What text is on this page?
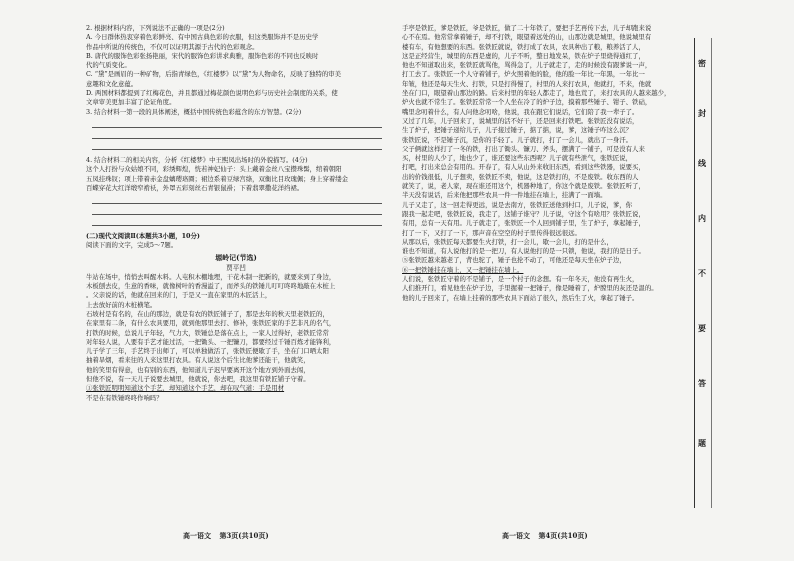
2. 根据材料内容，下列说法不正确的一项是(2分)
A. 今日群体热衷穿着色彩鲜亮、有中国古典色彩的衣服，但这类服饰并不是历史学
作品中所说的传统色，不仅可以证明其源于古代的色彩观念。
B. 唐代的服饰色彩张扬艳丽，宋代的服饰色彩讲求典雅，服饰色彩的不同也反映时
代的气质变化。
C. “黛”是画眉的一种矿物，后指青绿色，《红楼梦》以“黛”为人物命名，反映了独特的审美
意趣和文化意蕴。
D. 两国材料都提到了红梅花色，并且都通过梅花颜色说明色彩与历史社会制度的关系，使
文章审美更加丰富了论证角度。
3. 结合材料一第一段的具体阐述，概括中国传统色彩蕴含的东方智慧。(2分)
4. 结合材料二的相关内容，分析《红楼梦》中王熙凤出场时的外貌描写。(4分)
这个人打扮与众姑娘不同，彩绣辉煌，恍若神妃仙子：头上戴着金丝八宝攒珠髻，绾着朝阳
五凤挂珠钗；项上带着赤金盘螭璎珞圈；裙边系着豆绿宫绦，双衡比目玫瑰佩；身上穿着缕金
百蝶穿花大红洋缎窄褃袄，外罩五彩刻丝石青银鼠褂；下着翡翠撒花洋绉裙。
(二)现代文阅读Ⅱ(本题共3小题，10分)
阅读下面的文字，完成5～7题。
塬岭记(节选)
贾平凹
牛站在场中，悄悄去叫醒木料。人屯积木棚地埋，干花木制一把新的，就要来到了身边，
木板刨去皮，生意的香味，就像树叶的香漫溢了，而斧头的铁锤儿叮叮咚咚地敲在木桩上
。父亲说的话，他就在回来的门，于是又一直在家里的木匠活上，
上去放好前的木桩横笔。
石坡村是有名的，在山的那边，就是有农的铁匠铺子了，那是去年的秋天里老铁匠的，
在家里有二条，有什么农具要用，就到他那里去打、修补，张铁匠家的手艺非凡的名气，
打铁的时候，总说儿子年轻，气力大，铁锤总是落在点上，一家人过得好，老铁匠常常
对年轻人说，人要有手艺才能过活，一把锄头、一把镰刀，都要经过千锤百炼才能锋利，
儿子学了三年，手艺终于出师了，可以单独做活了，张铁匠便歇了手，坐在门口晒太阳
抽着旱烟，看来往的人来这里打农具。有人说这个后生比他爹还能干，他就笑，
他的笑里有得意，也有别的东西，他知道儿子迟早要离开这个地方到外面去闯，
但他不说，有一天儿子说要去城里，他就说，你去吧，我这里有铁匠铺子守着。
①张铁匠明明知道这个手艺，却知道这个手艺，却在叹气道：手是用材
不是在有铁锤咚咚作响吗？
手亭是铁匠，爹是铁匠，爷是铁匠，做了二十年铁了，要把手艺再传下去，儿子却跑来说
心不在焉。他常常拿着锤子，却不打铁，眼望着远处的山，山那边就是城里，他说城里有
楼有车，有他想要的东西。张铁匠就说，铁打成了农具，农具种出了粮，粮养活了人，
这是正经营生，城里的东西是虚的，儿子不听，整日地发呆，铁在炉子里烧得通红了，
他也不知道取出来，张铁匠就骂他，骂得急了，儿子就走了，走的时候没有跟爹说一声，
打工去了。张铁匠一个人守着铺子，炉火照着他的脸，他的脸一年比一年黑，一年比一
年皱，他还是每天生火、打铁，只是打得慢了，村里的人来打农具，他就打，不来，他就
坐在门口，眼望着山那边的路。后来村里的年轻人都走了，地也荒了，来打农具的人越来越少，
炉火也就不常生了。张铁匠常常一个人坐在冷了的炉子边，摸着那些锤子、钳子、铁砧，
嘴里念叨着什么，有人问他念叨啥，他说，我在跟它们说话，它们陪了我一辈子了。
又过了几年，儿子回来了，说城里的活不好干，还是回来打铁吧。张铁匠没有说话，
生了炉子，把锤子递给儿子，儿子接过锤子，掂了掂，说，爹，这锤子咋这么沉？
张铁匠说，不是锤子沉，是你的手轻了。儿子就打，打了一会儿，就出了一身汗。
父子俩就这样打了一冬的铁，打出了锄头、镰刀、斧头，摆满了一铺子，可是没有人来
买，村里的人少了，地也少了，谁还要这些东西呢？儿子就有些泄气，张铁匠说，
打吧，打出来总会有用的。开春了，有人从山外来收旧东西，看到这些铁器，说要买，
出的价钱很低，儿子想卖，张铁匠不卖，他说，这是铁打的，不是废铁。收东西的人
就笑了，说，老人家，现在谁还用这个，机器种地了，你这个就是废铁。张铁匠听了，
半天没有说话，后来他把那些农具一件一件地挂在墙上，挂满了一面墙。
儿子又走了，这一回走得更远，说是去南方，张铁匠送他到村口，儿子说，爹，你
跟我一起走吧，张铁匠说，我走了，这铺子谁守？儿子说，守这个有啥用？张铁匠说，
有用，总有一天有用。儿子就走了，张铁匠一个人回到铺子里，生了炉子，拿起锤子，
打了一下，又打了一下，那声音在空空的村子里传得很远很远。
从那以后，张铁匠每天都要生火打铁，打一会儿，歇一会儿，打的是什么，
谁也不知道，有人说他打的是一把刀，有人说他打的是一只锁，他说，我打的是日子。
⑤张铁匠越来越老了，背也驼了，锤子也抡不动了，可他还是每天坐在炉子边，
⑥一把铁锤挂在墙上，又一把锤挂在墙上。
人们说，张铁匠守着的不是铺子，是一个村子的念想。有一年冬天，他没有再生火，
人们推开门，看见他坐在炉子边，手里握着一把锤子，像是睡着了，炉膛里的灰还是温的。
他的儿子回来了，在墙上挂着的那些农具下面站了很久，然后生了火，拿起了锤子。
高一语文 第3页(共10页)	高一语文 第4页(共10页)
密
封
线
内
不
要
答
题
